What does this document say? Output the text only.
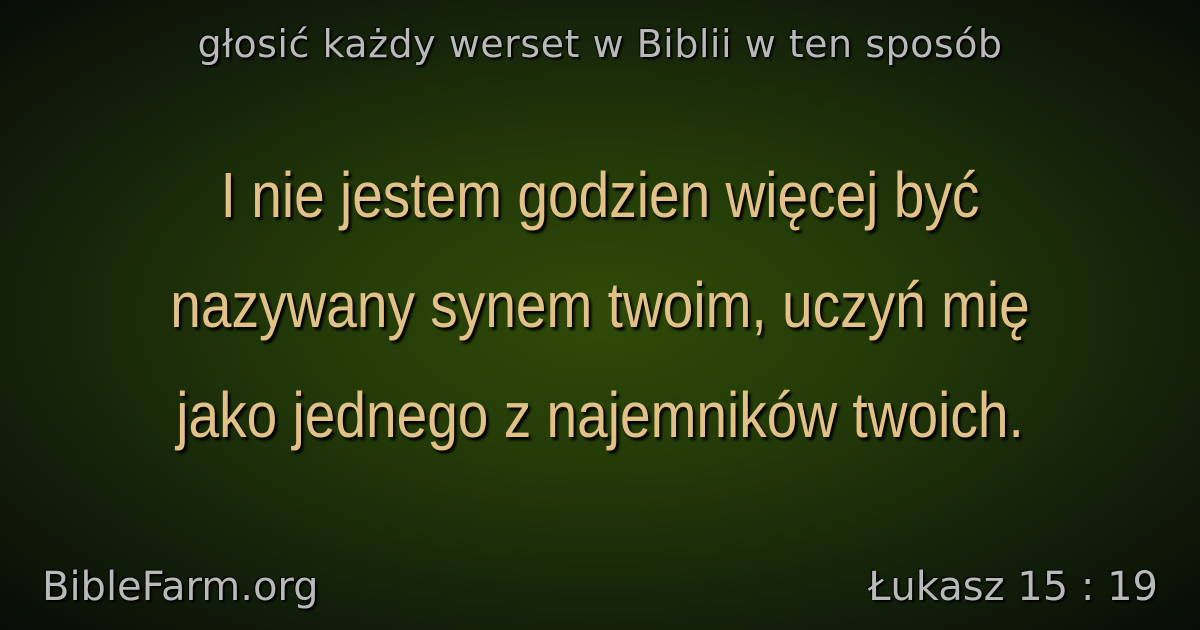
głosić każdy werset w Biblii w ten sposób
I nie jestem godzien więcej być
nazywany synem twoim, uczyń mię
jako jednego z najemników twoich.
BibleFarm.org	Łukasz 15 : 19
